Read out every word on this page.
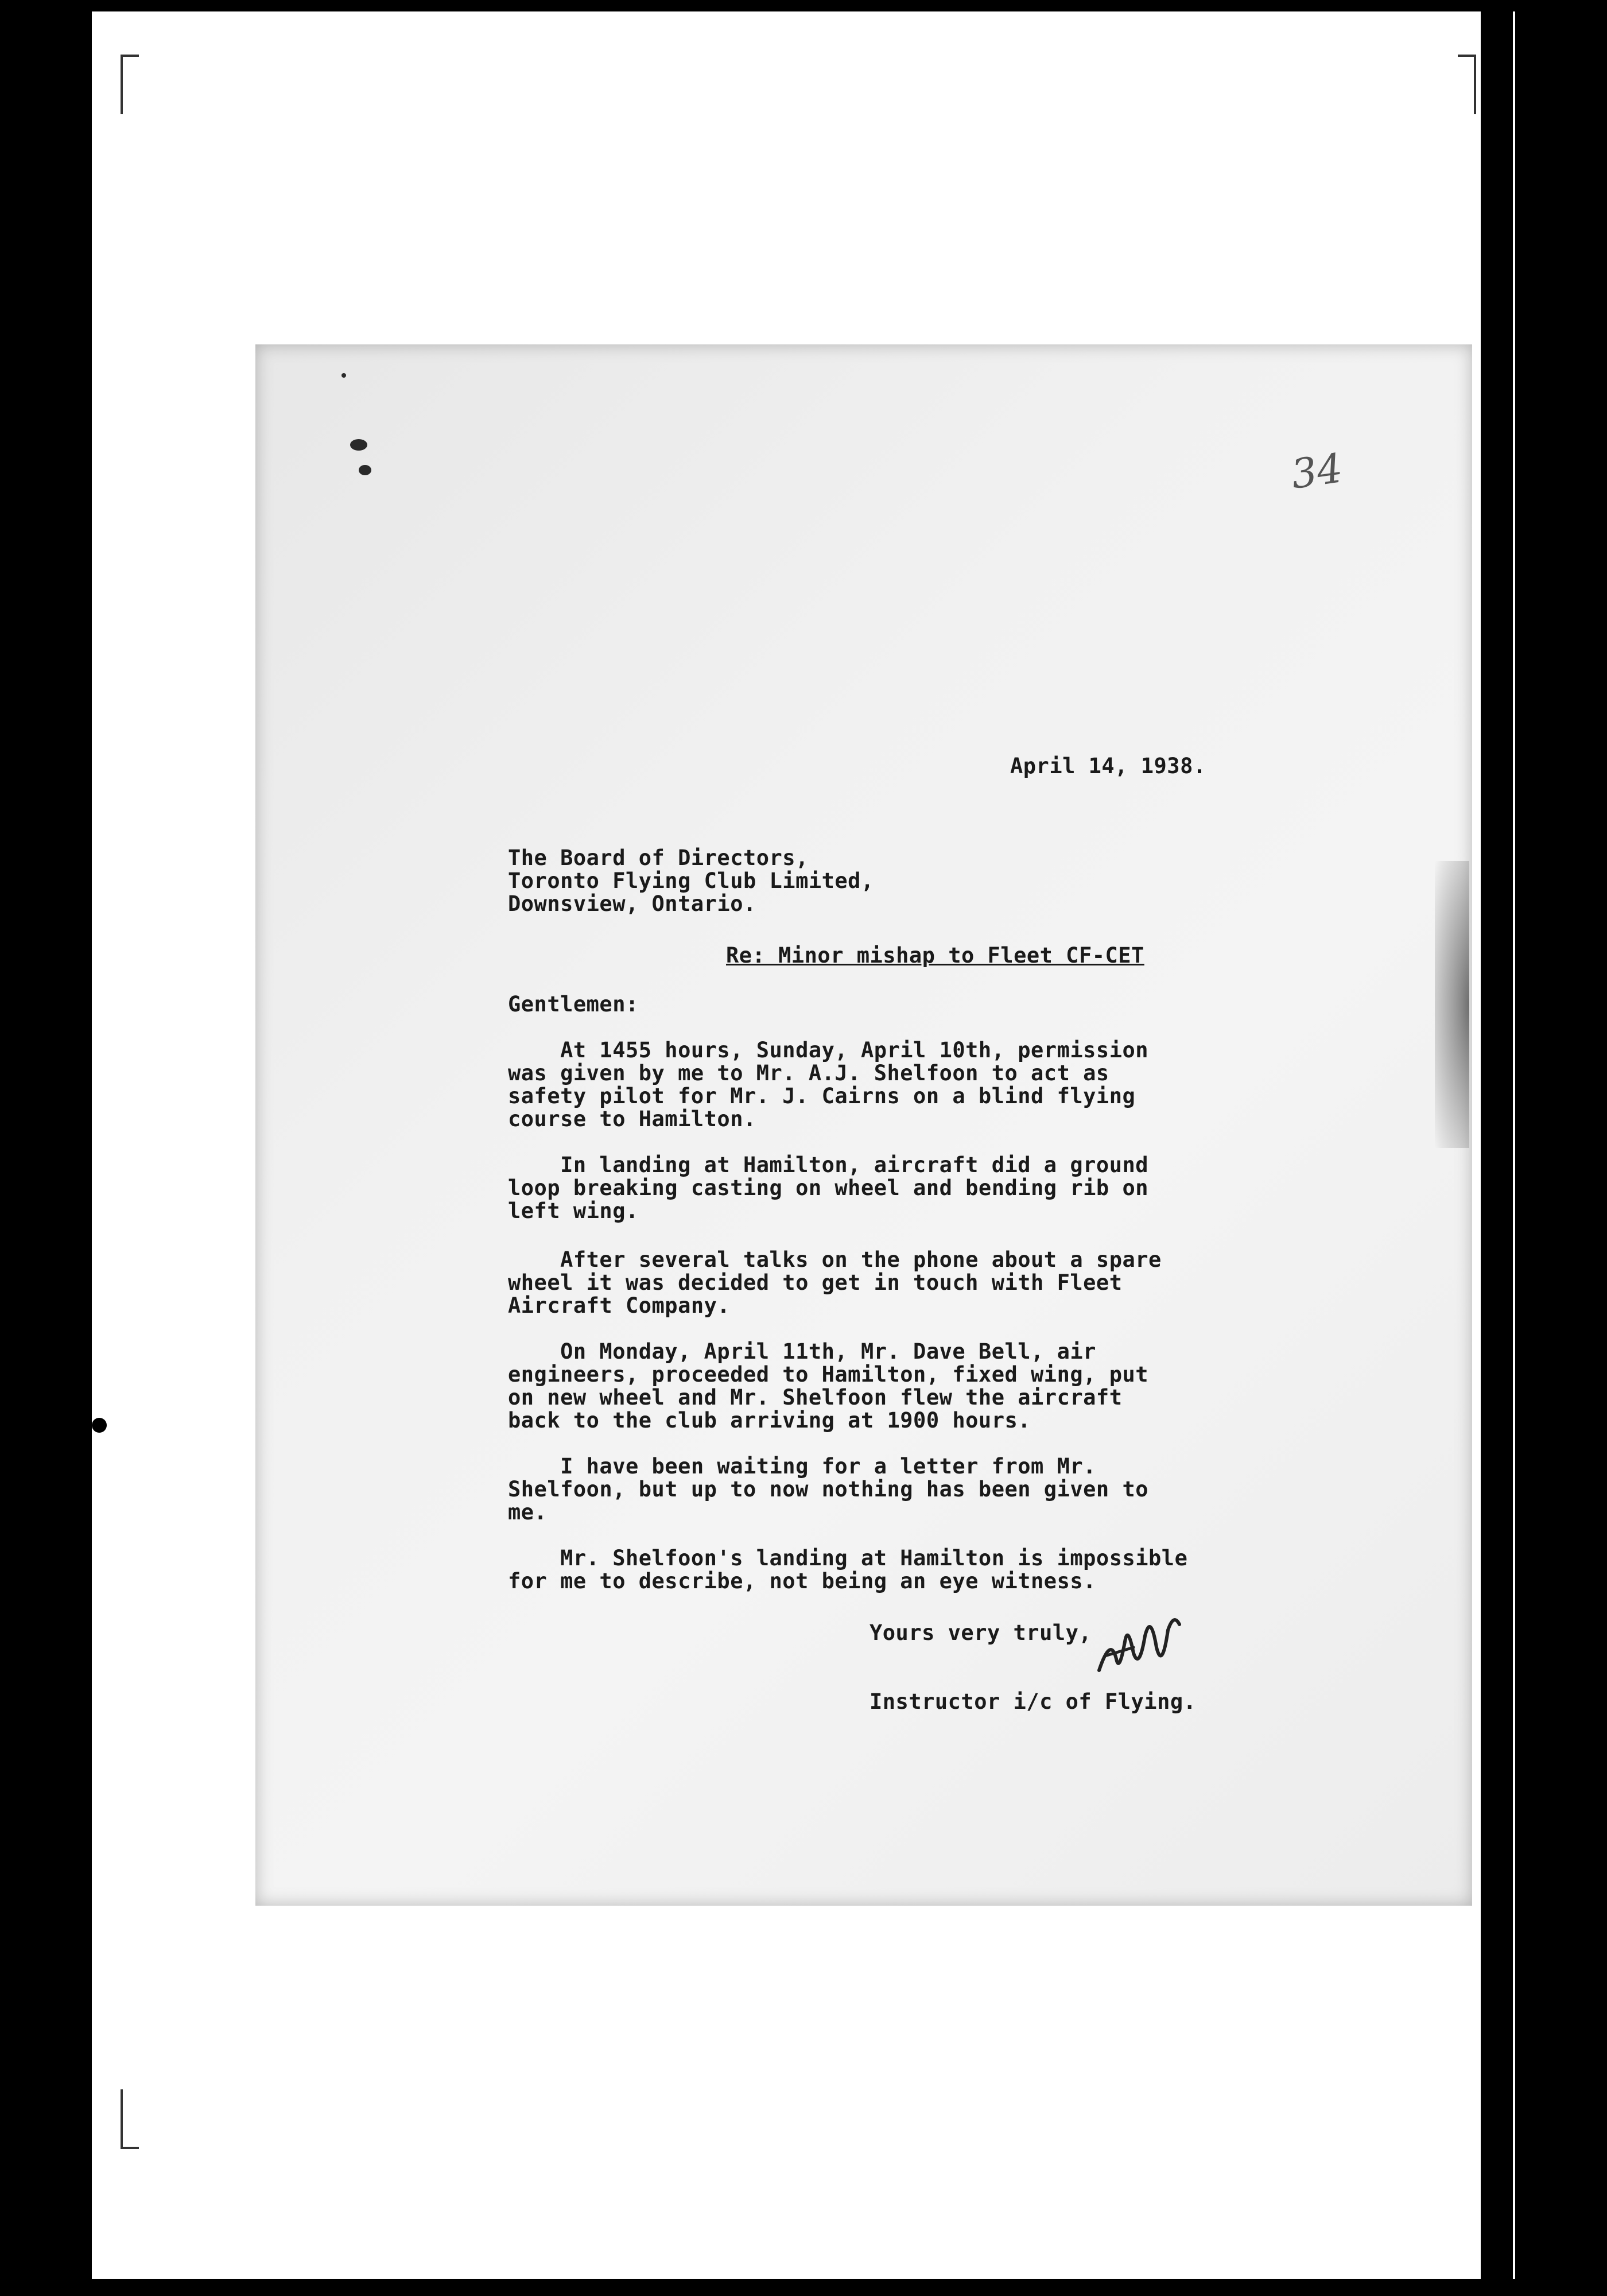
34
April 14, 1938.
The Board of Directors,
Toronto Flying Club Limited,
Downsview, Ontario.
Re: Minor mishap to Fleet CF-CET
Gentlemen:
At 1455 hours, Sunday, April 10th, permission
was given by me to Mr. A.J. Shelfoon to act as
safety pilot for Mr. J. Cairns on a blind flying
course to Hamilton.
In landing at Hamilton, aircraft did a ground
loop breaking casting on wheel and bending rib on
left wing.
After several talks on the phone about a spare
wheel it was decided to get in touch with Fleet
Aircraft Company.
On Monday, April 11th, Mr. Dave Bell, air
engineers, proceeded to Hamilton, fixed wing, put
on new wheel and Mr. Shelfoon flew the aircraft
back to the club arriving at 1900 hours.
I have been waiting for a letter from Mr.
Shelfoon, but up to now nothing has been given to
me.
Mr. Shelfoon's landing at Hamilton is impossible
for me to describe, not being an eye witness.
Yours very truly,
Instructor i/c of Flying.
